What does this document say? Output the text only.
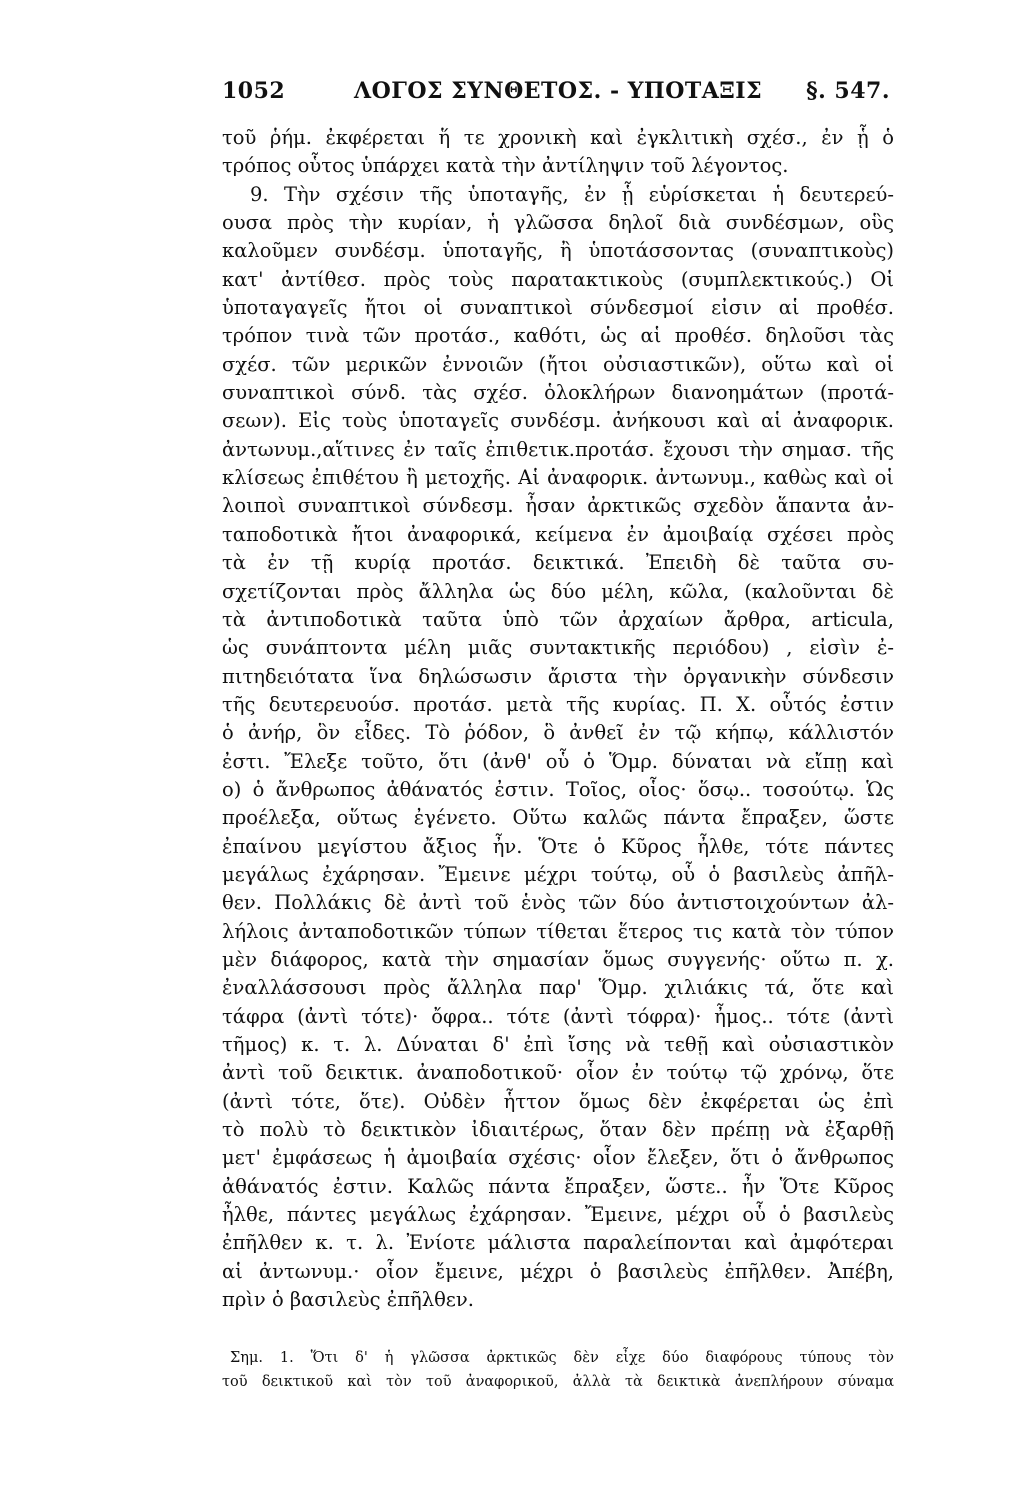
1052	ΛΟΓΟΣ ΣΥΝΘΕΤΟΣ. - ΥΠΟΤΑΞΙΣ §. 547.
τοῦ ῥήμ. ἐκφέρεται ἥ τε χρονικὴ καὶ ἐγκλιτικὴ σχέσ., ἐν ᾗ ὁ
τρόπος οὗτος ὑπάρχει κατὰ τὴν ἀντίληψιν τοῦ λέγοντος.
9. Τὴν σχέσιν τῆς ὑποταγῆς, ἐν ᾗ εὑρίσκεται ἡ δευτερεύ-
ουσα πρὸς τὴν κυρίαν, ἡ γλῶσσα δηλοῖ διὰ συνδέσμων, οὓς
καλοῦμεν συνδέσμ. ὑποταγῆς, ἢ ὑποτάσσοντας (συναπτικοὺς)
κατ' ἀντίθεσ. πρὸς τοὺς παρατακτικοὺς (συμπλεκτικούς.) Οἱ
ὑποταγαγεῖς ἤτοι οἱ συναπτικοὶ σύνδεσμοί εἰσιν αἱ προθέσ.
τρόπον τινὰ τῶν προτάσ., καθότι, ὡς αἱ προθέσ. δηλοῦσι τὰς
σχέσ. τῶν μερικῶν ἐννοιῶν (ἤτοι οὐσιαστικῶν), οὕτω καὶ οἱ
συναπτικοὶ σύνδ. τὰς σχέσ. ὁλοκλήρων διανοημάτων (προτά-
σεων). Εἰς τοὺς ὑποταγεῖς συνδέσμ. ἀνήκουσι καὶ αἱ ἀναφορικ.
ἀντωνυμ.,αἵτινες ἐν ταῖς ἐπιθετικ.προτάσ. ἔχουσι τὴν σημασ. τῆς
κλίσεως ἐπιθέτου ἢ μετοχῆς. Αἱ ἀναφορικ. ἀντωνυμ., καθὼς καὶ οἱ
λοιποὶ συναπτικοὶ σύνδεσμ. ἦσαν ἀρκτικῶς σχεδὸν ἅπαντα ἀν-
ταποδοτικὰ ἤτοι ἀναφορικά, κείμενα ἐν ἀμοιβαίᾳ σχέσει πρὸς
τὰ ἐν τῇ κυρίᾳ προτάσ. δεικτικά. Ἐπειδὴ δὲ ταῦτα συ-
σχετίζονται πρὸς ἄλληλα ὡς δύο μέλη, κῶλα, (καλοῦνται δὲ
τὰ ἀντιποδοτικὰ ταῦτα ὑπὸ τῶν ἀρχαίων ἄρθρα, articula,
ὡς συνάπτοντα μέλη μιᾶς συντακτικῆς περιόδου) , εἰσὶν ἐ-
πιτηδειότατα ἵνα δηλώσωσιν ἄριστα τὴν ὀργανικὴν σύνδεσιν
τῆς δευτερευούσ. προτάσ. μετὰ τῆς κυρίας. Π. Χ. οὗτός ἐστιν
ὁ ἀνήρ, ὃν εἶδες. Τὸ ῥόδον, ὃ ἀνθεῖ ἐν τῷ κήπῳ, κάλλιστόν
ἐστι. Ἔλεξε τοῦτο, ὅτι (ἀνθ' οὗ ὁ Ὅμρ. δύναται νὰ εἴπῃ καὶ
ο) ὁ ἄνθρωπος ἀθάνατός ἐστιν. Τοῖος, οἷος· ὅσῳ.. τοσούτῳ. Ὡς
προέλεξα, οὕτως ἐγένετο. Οὕτω καλῶς πάντα ἔπραξεν, ὥστε
ἐπαίνου μεγίστου ἄξιος ἦν. Ὅτε ὁ Κῦρος ἦλθε, τότε πάντες
μεγάλως ἐχάρησαν. Ἔμεινε μέχρι τούτῳ, οὗ ὁ βασιλεὺς ἀπῆλ-
θεν. Πολλάκις δὲ ἀντὶ τοῦ ἑνὸς τῶν δύο ἀντιστοιχούντων ἀλ-
λήλοις ἀνταποδοτικῶν τύπων τίθεται ἕτερος τις κατὰ τὸν τύπον
μὲν διάφορος, κατὰ τὴν σημασίαν ὅμως συγγενής· οὕτω π. χ.
ἐναλλάσσουσι πρὸς ἄλληλα παρ' Ὅμρ. χιλιάκις τά, ὅτε καὶ
τάφρα (ἀντὶ τότε)· ὄφρα.. τότε (ἀντὶ τόφρα)· ἦμος.. τότε (ἀντὶ
τῆμος) κ. τ. λ. Δύναται δ' ἐπὶ ἴσης νὰ τεθῇ καὶ οὐσιαστικὸν
ἀντὶ τοῦ δεικτικ. ἀναποδοτικοῦ· οἷον ἐν τούτῳ τῷ χρόνῳ, ὅτε
(ἀντὶ τότε, ὅτε). Οὐδὲν ἧττον ὅμως δὲν ἐκφέρεται ὡς ἐπὶ
τὸ πολὺ τὸ δεικτικὸν ἰδιαιτέρως, ὅταν δὲν πρέπῃ νὰ ἐξαρθῇ
μετ' ἐμφάσεως ἡ ἀμοιβαία σχέσις· οἷον ἔλεξεν, ὅτι ὁ ἄνθρωπος
ἀθάνατός ἐστιν. Καλῶς πάντα ἔπραξεν, ὥστε.. ἦν Ὅτε Κῦρος
ἦλθε, πάντες μεγάλως ἐχάρησαν. Ἔμεινε, μέχρι οὗ ὁ βασιλεὺς
ἐπῆλθεν κ. τ. λ. Ἐνίοτε μάλιστα παραλείπονται καὶ ἀμφότεραι
αἱ ἀντωνυμ.· οἷον ἔμεινε, μέχρι ὁ βασιλεὺς ἐπῆλθεν. Ἀπέβη,
πρὶν ὁ βασιλεὺς ἐπῆλθεν.
Σημ. 1. Ὅτι δ' ἡ γλῶσσα ἀρκτικῶς δὲν εἶχε δύο διαφόρους τύπους τὸν
τοῦ δεικτικοῦ καὶ τὸν τοῦ ἀναφορικοῦ, ἀλλὰ τὰ δεικτικὰ ἀνεπλήρουν σύναμα
